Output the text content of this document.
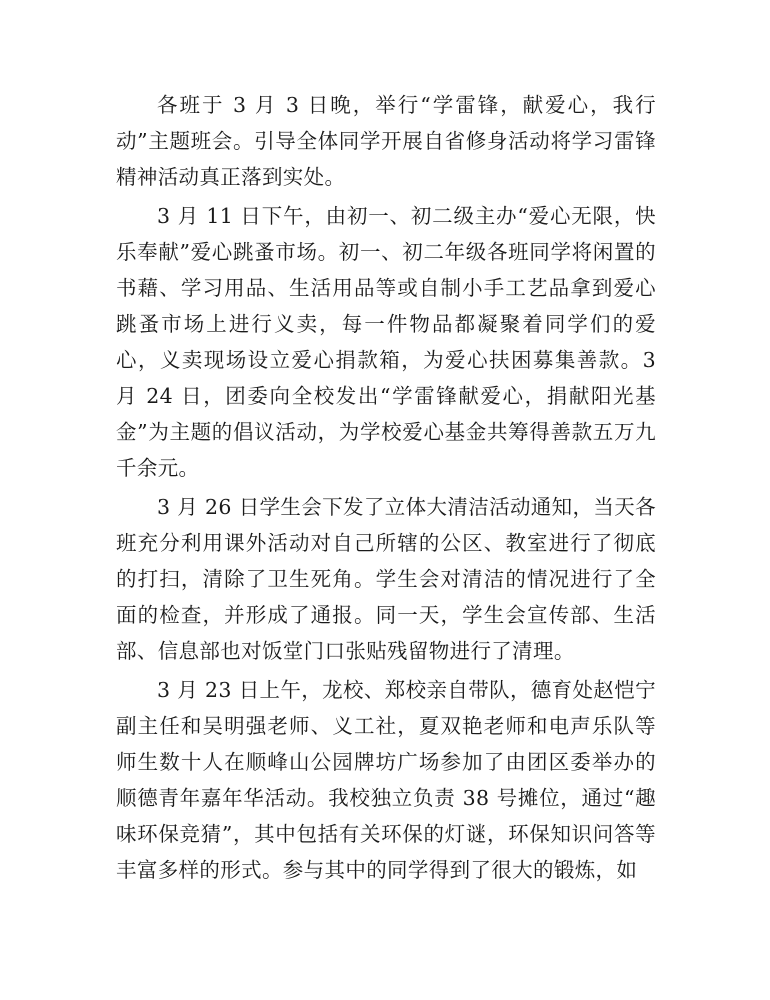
各班于 3 月 3 日晚，举行“学雷锋，献爱心，我行动”主题班会。引导全体同学开展自省修身活动将学习雷锋精神活动真正落到实处。

3 月 11 日下午，由初一、初二级主办“爱心无限，快乐奉献”爱心跳蚤市场。初一、初二年级各班同学将闲置的书藉、学习用品、生活用品等或自制小手工艺品拿到爱心跳蚤市场上进行义卖，每一件物品都凝聚着同学们的爱心，义卖现场设立爱心捐款箱，为爱心扶困募集善款。3 月 24 日，团委向全校发出“学雷锋献爱心，捐献阳光基金”为主题的倡议活动，为学校爱心基金共筹得善款五万九千余元。

3 月 26 日学生会下发了立体大清洁活动通知，当天各班充分利用课外活动对自己所辖的公区、教室进行了彻底的打扫，清除了卫生死角。学生会对清洁的情况进行了全面的检查，并形成了通报。同一天，学生会宣传部、生活部、信息部也对饭堂门口张贴残留物进行了清理。

3 月 23 日上午，龙校、郑校亲自带队，德育处赵恺宁副主任和吴明强老师、义工社，夏双艳老师和电声乐队等师生数十人在顺峰山公园牌坊广场参加了由团区委举办的顺德青年嘉年华活动。我校独立负责 38 号摊位，通过“趣味环保竞猜”，其中包括有关环保的灯谜，环保知识问答等丰富多样的形式。参与其中的同学得到了很大的锻炼，如
